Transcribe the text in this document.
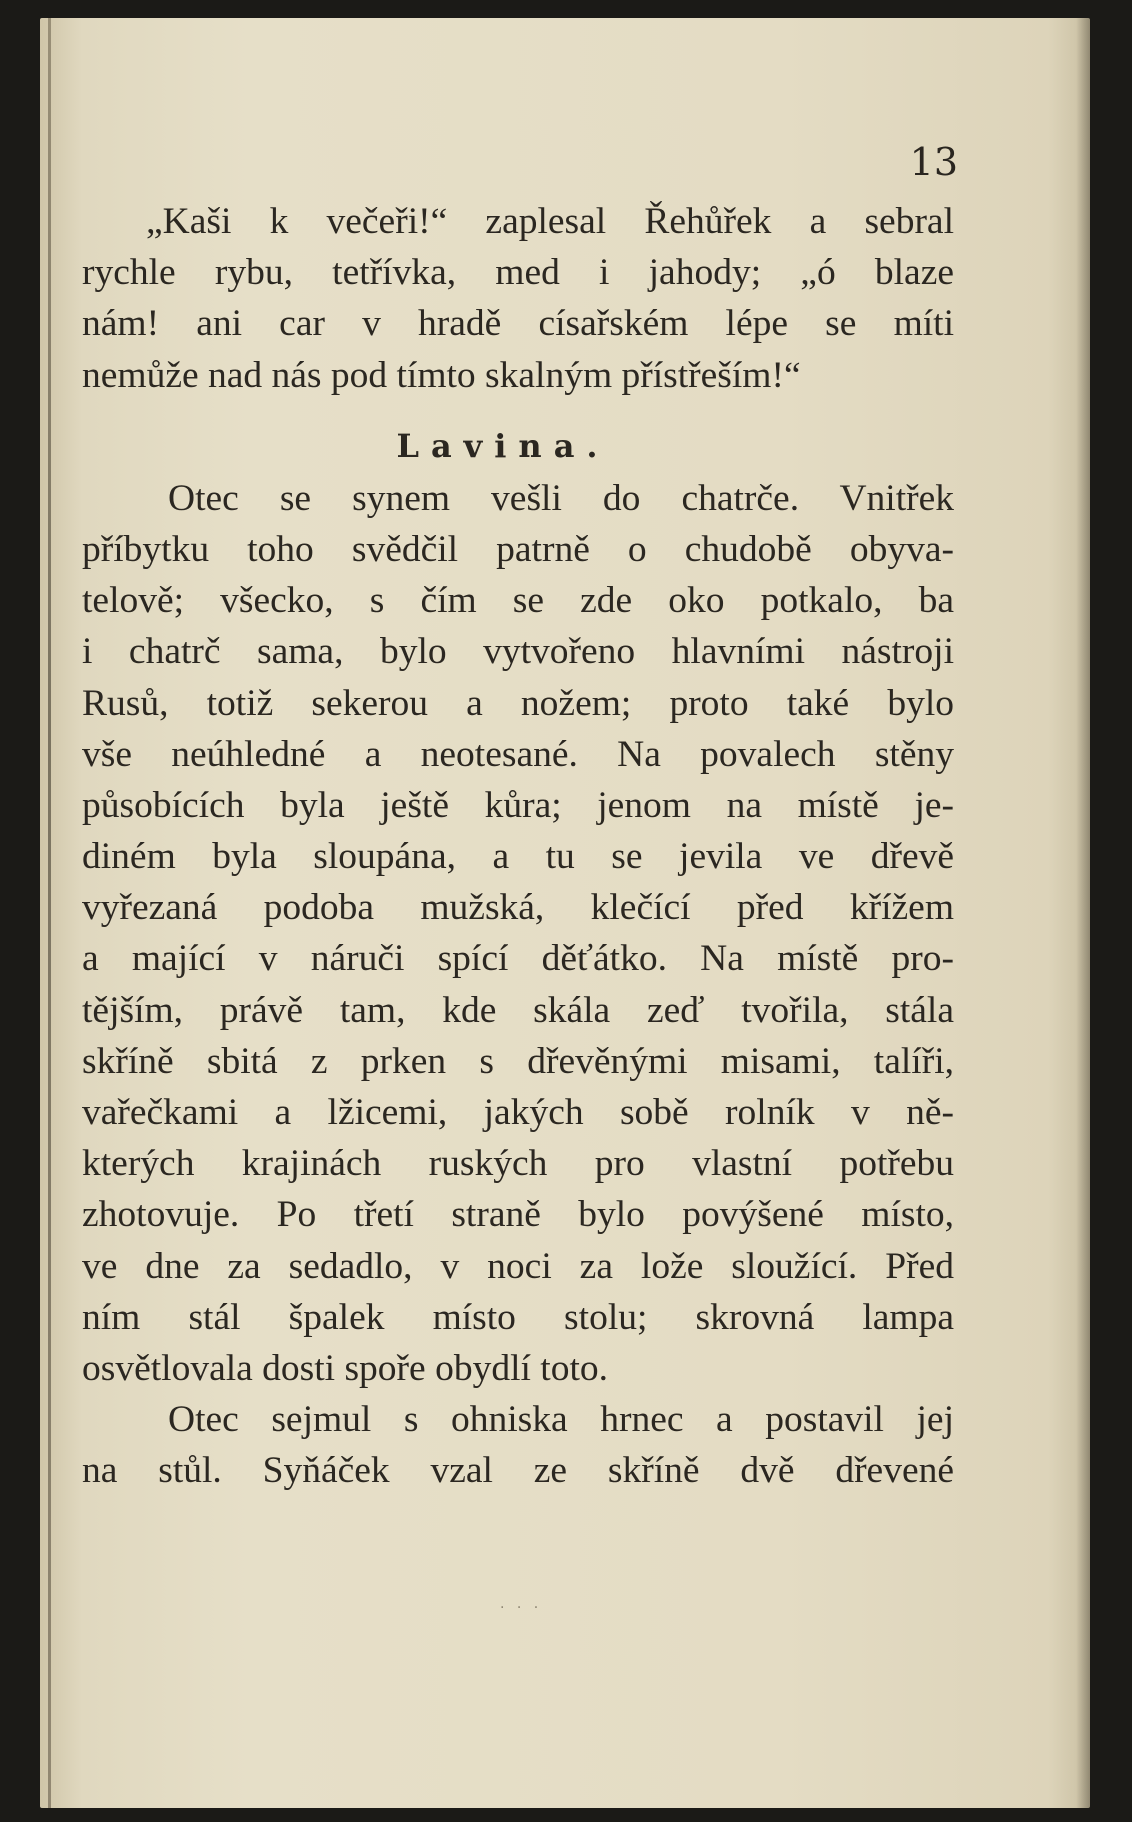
13
„Kaši k večeři!“ zaplesal Řehůřek a sebral
rychle rybu, tetřívka, med i jahody; „ó blaze
nám! ani car v hradě císařském lépe se míti
nemůže nad nás pod tímto skalným přístřeším!“
Lavina.
Otec se synem vešli do chatrče. Vnitřek
příbytku toho svědčil patrně o chudobě obyva-
telově; všecko, s čím se zde oko potkalo, ba
i chatrč sama, bylo vytvořeno hlavními nástroji
Rusů, totiž sekerou a nožem; proto také bylo
vše neúhledné a neotesané. Na povalech stěny
působících byla ještě kůra; jenom na místě je-
diném byla sloupána, a tu se jevila ve dřevě
vyřezaná podoba mužská, klečící před křížem
a mající v náruči spící děťátko. Na místě pro-
tějším, právě tam, kde skála zeď tvořila, stála
skříně sbitá z prken s dřevěnými misami, talíři,
vařečkami a lžicemi, jakých sobě rolník v ně-
kterých krajinách ruských pro vlastní potřebu
zhotovuje. Po třetí straně bylo povýšené místo,
ve dne za sedadlo, v noci za lože sloužící. Před
ním stál špalek místo stolu; skrovná lampa
osvětlovala dosti spoře obydlí toto.
Otec sejmul s ohniska hrnec a postavil jej
na stůl. Syňáček vzal ze skříně dvě dřevené
· · ·
